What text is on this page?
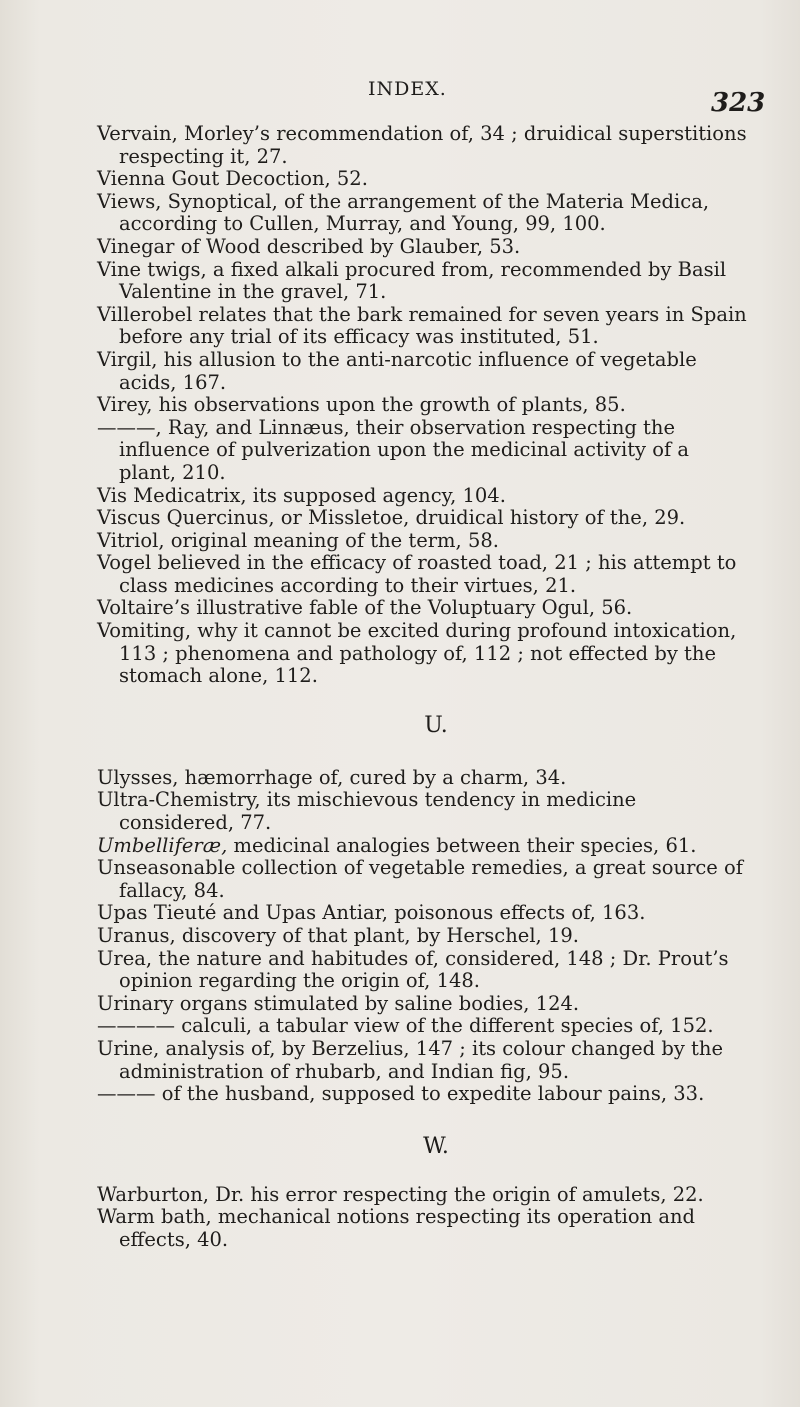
INDEX.	323
Vervain, Morley’s recommendation of, 34 ; druidical superstitions respecting it, 27.
Vienna Gout Decoction, 52.
Views, Synoptical, of the arrangement of the Materia Medica, according to Cullen, Murray, and Young, 99, 100.
Vinegar of Wood described by Glauber, 53.
Vine twigs, a fixed alkali procured from, recommended by Basil Valentine in the gravel, 71.
Villerobel relates that the bark remained for seven years in Spain before any trial of its efficacy was instituted, 51.
Virgil, his allusion to the anti-narcotic influence of vegetable acids, 167.
Virey, his observations upon the growth of plants, 85.
———, Ray, and Linnæus, their observation respecting the influence of pulverization upon the medicinal activity of a plant, 210.
Vis Medicatrix, its supposed agency, 104.
Viscus Quercinus, or Missletoe, druidical history of the, 29.
Vitriol, original meaning of the term, 58.
Vogel believed in the efficacy of roasted toad, 21 ; his attempt to class medicines according to their virtues, 21.
Voltaire’s illustrative fable of the Voluptuary Ogul, 56.
Vomiting, why it cannot be excited during profound intoxication, 113 ; phenomena and pathology of, 112 ; not effected by the stomach alone, 112.
U.
Ulysses, hæmorrhage of, cured by a charm, 34.
Ultra-Chemistry, its mischievous tendency in medicine considered, 77.
Umbelliferæ, medicinal analogies between their species, 61.
Unseasonable collection of vegetable remedies, a great source of fallacy, 84.
Upas Tieuté and Upas Antiar, poisonous effects of, 163.
Uranus, discovery of that plant, by Herschel, 19.
Urea, the nature and habitudes of, considered, 148 ; Dr. Prout’s opinion regarding the origin of, 148.
Urinary organs stimulated by saline bodies, 124.
———— calculi, a tabular view of the different species of, 152.
Urine, analysis of, by Berzelius, 147 ; its colour changed by the administration of rhubarb, and Indian fig, 95.
——— of the husband, supposed to expedite labour pains, 33.
W.
Warburton, Dr. his error respecting the origin of amulets, 22.
Warm bath, mechanical notions respecting its operation and effects, 40.
